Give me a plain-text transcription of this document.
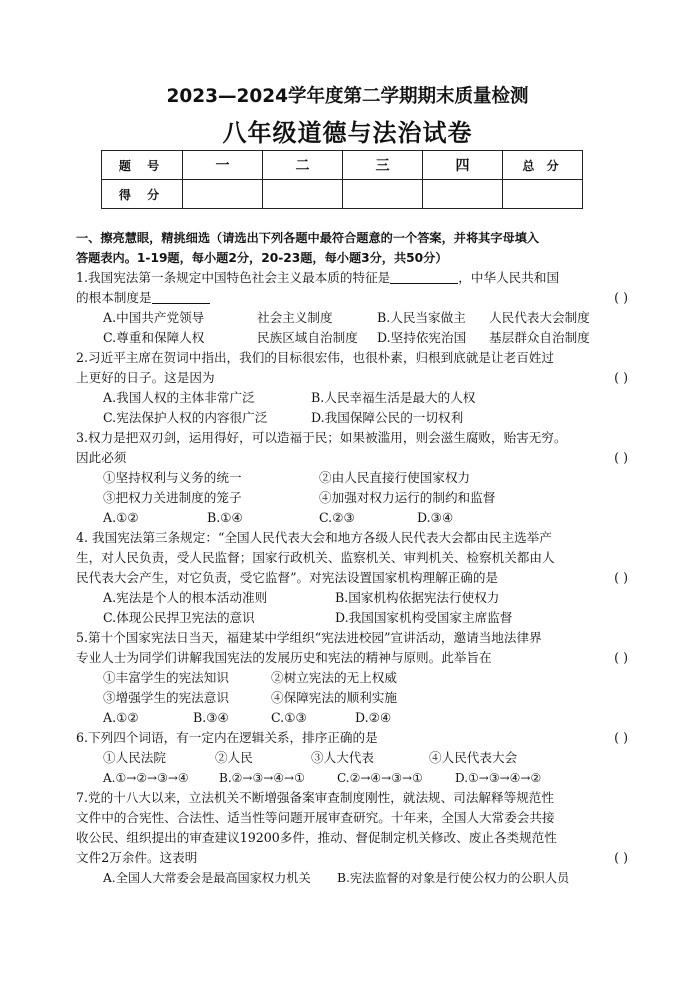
2023—2024学年度第二学期期末质量检测
八年级道德与法治试卷
题 号	一	二	三	四	总 分
得 分					
一、擦亮慧眼，精挑细选（请选出下列各题中最符合题意的一个答案，并将其字母填入
答题表内。1-19题，每小题2分，20-23题，每小题3分，共50分）
1.我国宪法第一条规定中国特色社会主义最本质的特征是	，中华人民共和国
的根本制度是	( )
A.中国共产党领导	社会主义制度	B.人民当家做主 人民代表大会制度
C.尊重和保障人权	民族区域自治制度 D.坚持依宪治国 基层群众自治制度
2.习近平主席在贺词中指出，我们的目标很宏伟，也很朴素，归根到底就是让老百姓过
上更好的日子。这是因为	( )
A.我国人权的主体非常广泛	B.人民幸福生活是最大的人权
C.宪法保护人权的内容很广泛	D.我国保障公民的一切权利
3.权力是把双刃剑，运用得好，可以造福于民；如果被滥用，则会滋生腐败，贻害无穷。
因此必须	( )
①坚持权利与义务的统一	②由人民直接行使国家权力
③把权力关进制度的笼子	④加强对权力运行的制约和监督
A.①②	B.①④	C.②③	D.③④
4. 我国宪法第三条规定：“全国人民代表大会和地方各级人民代表大会都由民主选举产
生，对人民负责，受人民监督；国家行政机关、监察机关、审判机关、检察机关都由人
民代表大会产生，对它负责，受它监督”。对宪法设置国家机构理解正确的是	( )
A.宪法是个人的根本活动准则	B.国家机构依据宪法行使权力
C.体现公民捍卫宪法的意识	D.我国国家机构受国家主席监督
5.第十个国家宪法日当天，福建某中学组织“宪法进校园”宣讲活动，邀请当地法律界
专业人士为同学们讲解我国宪法的发展历史和宪法的精神与原则。此举旨在	( )
①丰富学生的宪法知识	②树立宪法的无上权威
③增强学生的宪法意识	④保障宪法的顺利实施
A.①②	B.③④	C.①③	D.②④
6.下列四个词语，有一定内在逻辑关系，排序正确的是	( )
①人民法院	②人民	③人大代表	④人民代表大会
A.①→②→③→④	B.②→③→④→①	C.②→④→③→①	D.①→③→④→②
7.党的十八大以来，立法机关不断增强备案审查制度刚性，就法规、司法解释等规范性
文件中的合宪性、合法性、适当性等问题开展审查研究。十年来，全国人大常委会共接
收公民、组织提出的审查建议19200多件，推动、督促制定机关修改、废止各类规范性
文件2万余件。这表明	( )
A.全国人大常委会是最高国家权力机关 B.宪法监督的对象是行使公权力的公职人员
